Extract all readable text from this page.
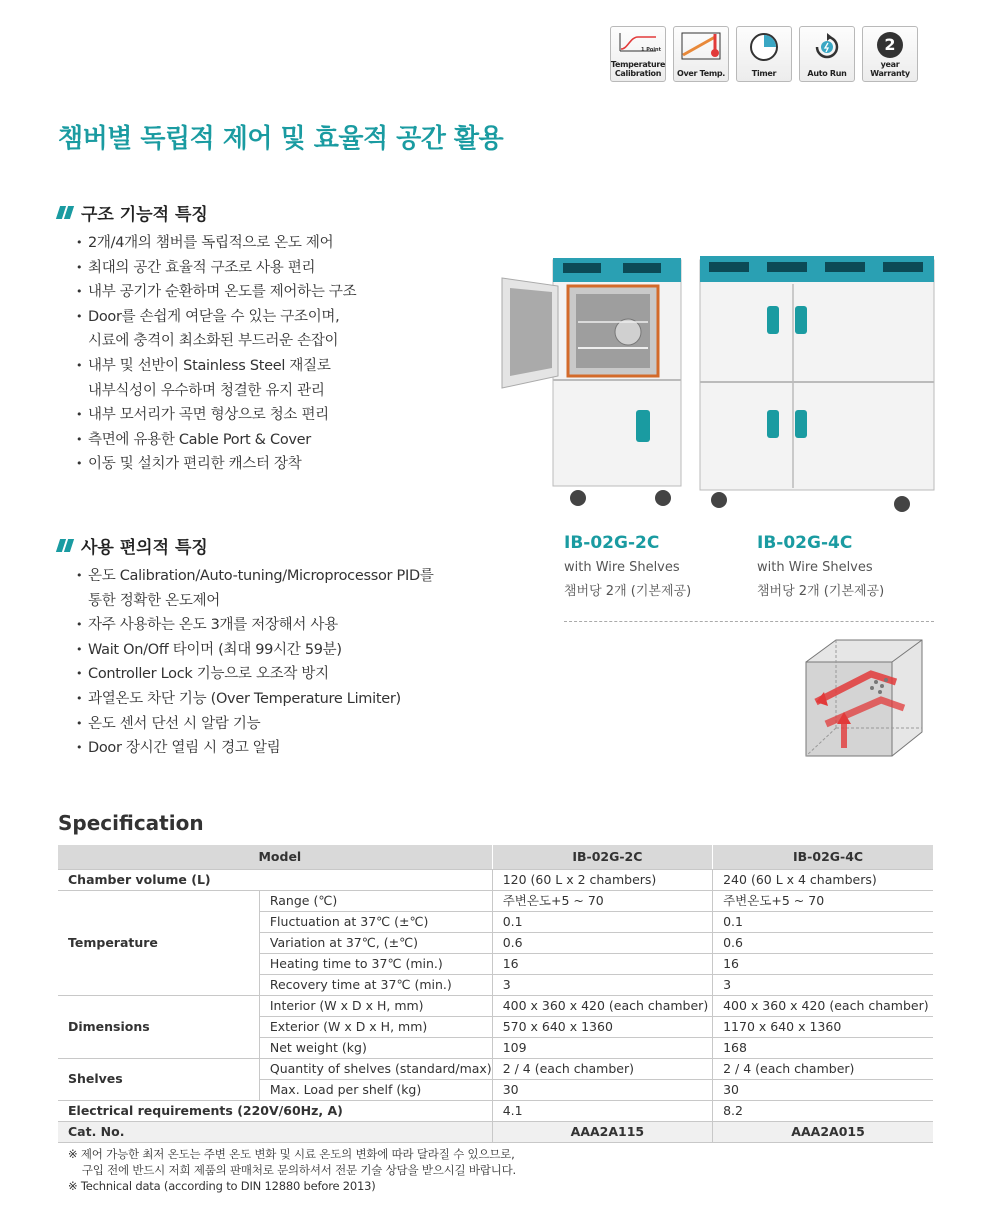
1 Point
Temperature
Calibration	Over Temp.	Timer	Auto Run
2
year
Warranty
챔버별 독립적 제어 및 효율적 공간 활용
구조 기능적 특징
• 2개/4개의 챔버를 독립적으로 온도 제어
• 최대의 공간 효율적 구조로 사용 편리
• 내부 공기가 순환하며 온도를 제어하는 구조
• Door를 손쉽게 여닫을 수 있는 구조이며,
시료에 충격이 최소화된 부드러운 손잡이
• 내부 및 선반이 Stainless Steel 재질로
내부식성이 우수하며 청결한 유지 관리
• 내부 모서리가 곡면 형상으로 청소 편리
• 측면에 유용한 Cable Port & Cover
• 이동 및 설치가 편리한 캐스터 장착
사용 편의적 특징
• 온도 Calibration/Auto-tuning/Microprocessor PID를
통한 정확한 온도제어
• 자주 사용하는 온도 3개를 저장해서 사용
• Wait On/Off 타이머 (최대 99시간 59분)
• Controller Lock 기능으로 오조작 방지
• 과열온도 차단 기능 (Over Temperature Limiter)
• 온도 센서 단선 시 알람 기능
• Door 장시간 열림 시 경고 알림
IB-02G-2C
with Wire Shelves
챔버당 2개 (기본제공)
IB-02G-4C
with Wire Shelves
챔버당 2개 (기본제공)
Specification
Model		IB-02G-2C	IB-02G-4C
Chamber volume (L)		120 (60 L x 2 chambers)	240 (60 L x 4 chambers)
Temperature	Range (℃)	주변온도+5 ~ 70	주변온도+5 ~ 70
	Fluctuation at 37℃ (±℃)	0.1	0.1
	Variation at 37℃, (±℃)	0.6	0.6
	Heating time to 37℃ (min.)	16	16
	Recovery time at 37℃ (min.)	3	3
Dimensions	Interior (W x D x H, mm)	400 x 360 x 420 (each chamber)	400 x 360 x 420 (each chamber)
	Exterior (W x D x H, mm)	570 x 640 x 1360	1170 x 640 x 1360
	Net weight (kg)	109	168
Shelves	Quantity of shelves (standard/max)	2 / 4 (each chamber)	2 / 4 (each chamber)
	Max. Load per shelf (kg)	30	30
Electrical requirements (220V/60Hz, A)		4.1	8.2
Cat. No.		AAA2A115	AAA2A015
※ 제어 가능한 최저 온도는 주변 온도 변화 및 시료 온도의 변화에 따라 달라질 수 있으므로,
구입 전에 반드시 저희 제품의 판매처로 문의하셔서 전문 기술 상담을 받으시길 바랍니다.
※ Technical data (according to DIN 12880 before 2013)
